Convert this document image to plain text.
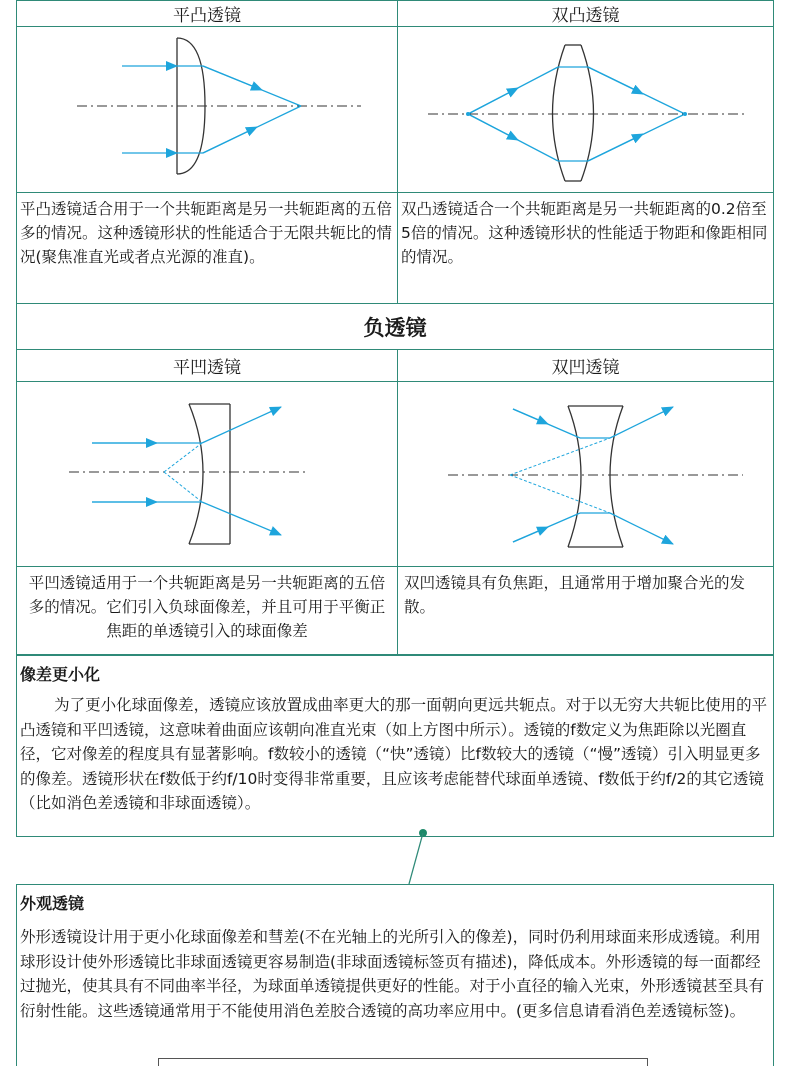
平凸透镜	双凸透镜
平凸透镜适合用于一个共轭距离是另一共轭距离的五倍多的情况。这种透镜形状的性能适合于无限共轭比的情况(聚焦准直光或者点光源的准直)。
双凸透镜适合一个共轭距离是另一共轭距离的0.2倍至5倍的情况。这种透镜形状的性能适于物距和像距相同的情况。
负透镜
平凹透镜	双凹透镜
平凹透镜适用于一个共轭距离是另一共轭距离的五倍多的情况。它们引入负球面像差，并且可用于平衡正焦距的单透镜引入的球面像差
双凹透镜具有负焦距，且通常用于增加聚合光的发散。
像差更小化
为了更小化球面像差，透镜应该放置成曲率更大的那一面朝向更远共轭点。对于以无穷大共轭比使用的平凸透镜和平凹透镜，这意味着曲面应该朝向准直光束（如上方图中所示）。透镜的f数定义为焦距除以光圈直径，它对像差的程度具有显著影响。f数较小的透镜（“快”透镜）比f数较大的透镜（“慢”透镜）引入明显更多的像差。透镜形状在f数低于约f/10时变得非常重要，且应该考虑能替代球面单透镜、f数低于约f/2的其它透镜（比如消色差透镜和非球面透镜）。
外观透镜
外形透镜设计用于更小化球面像差和彗差(不在光轴上的光所引入的像差)，同时仍利用球面来形成透镜。利用球形设计使外形透镜比非球面透镜更容易制造(非球面透镜标签页有描述)，降低成本。外形透镜的每一面都经过抛光，使其具有不同曲率半径，为球面单透镜提供更好的性能。对于小直径的输入光束，外形透镜甚至具有衍射性能。这些透镜通常用于不能使用消色差胶合透镜的高功率应用中。(更多信息请看消色差透镜标签)。
